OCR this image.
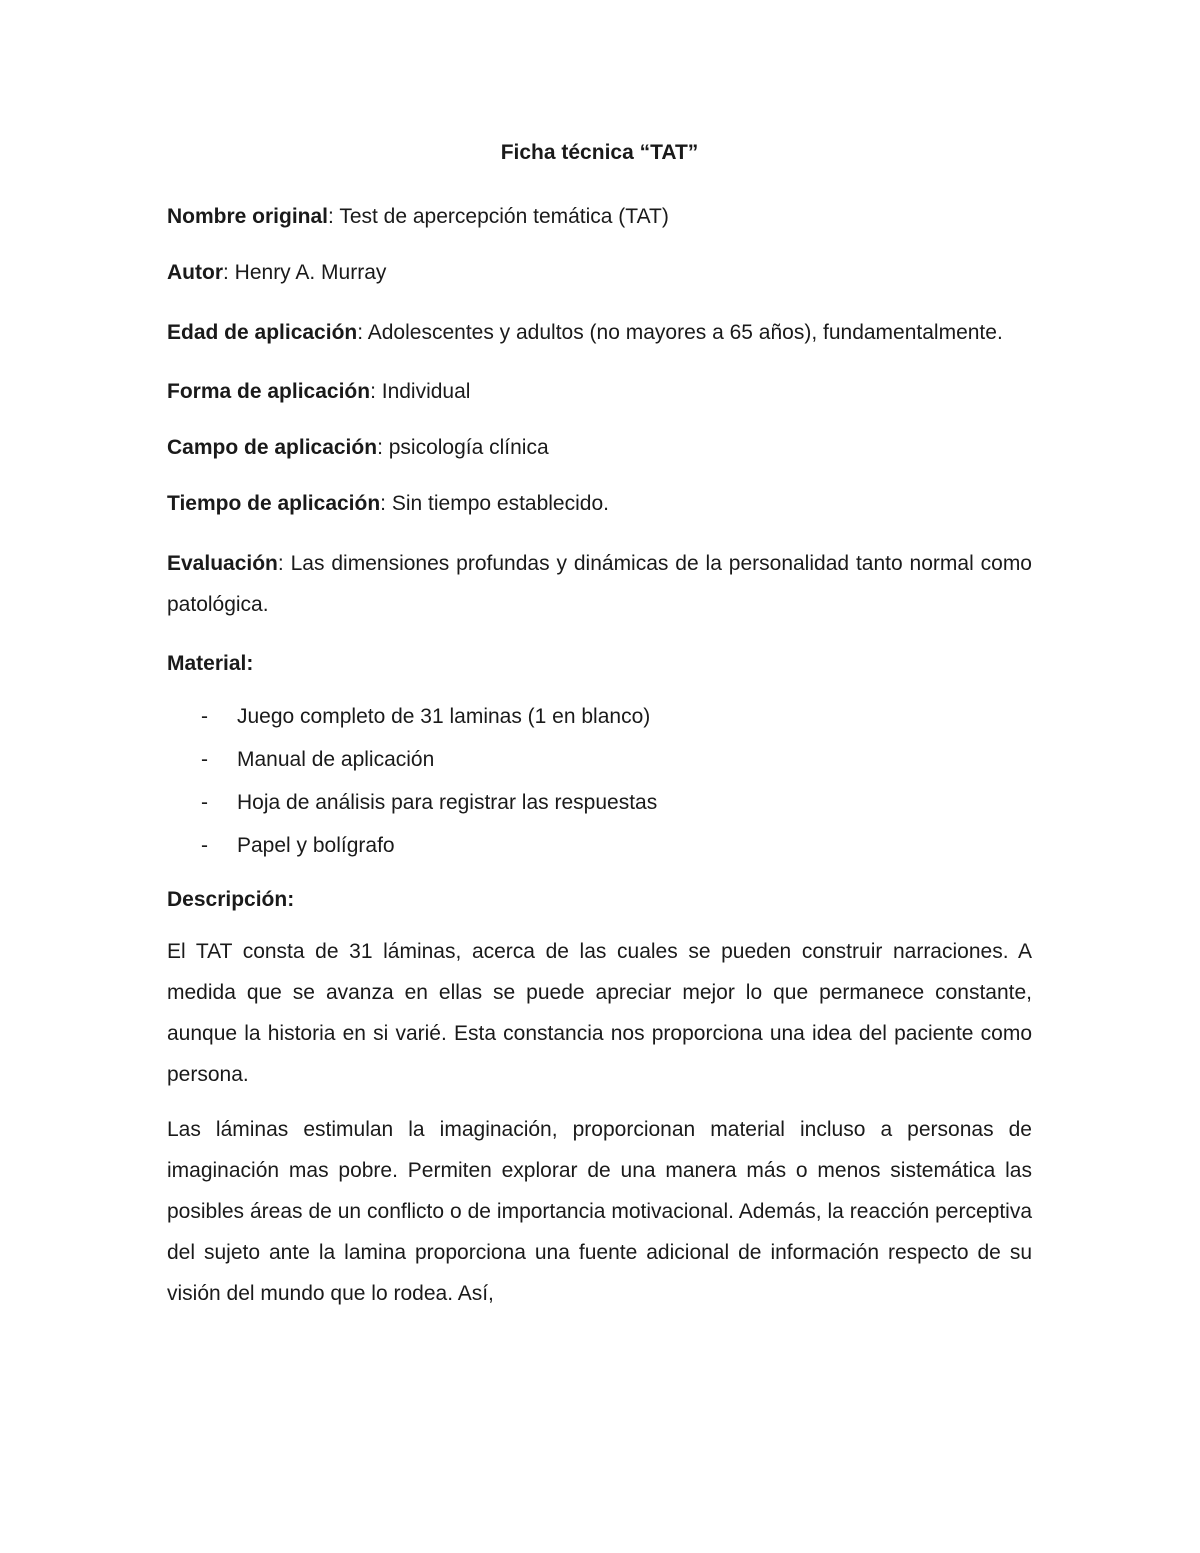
Ficha técnica “TAT”
Nombre original: Test de apercepción temática (TAT)
Autor: Henry A. Murray
Edad de aplicación: Adolescentes y adultos (no mayores a 65 años), fundamentalmente.
Forma de aplicación: Individual
Campo de aplicación: psicología clínica
Tiempo de aplicación: Sin tiempo establecido.
Evaluación: Las dimensiones profundas y dinámicas de la personalidad tanto normal como patológica.
Material:
- Juego completo de 31 laminas (1 en blanco)
- Manual de aplicación
- Hoja de análisis para registrar las respuestas
- Papel y bolígrafo
Descripción:

El TAT consta de 31 láminas, acerca de las cuales se pueden construir narraciones. A medida que se avanza en ellas se puede apreciar mejor lo que permanece constante, aunque la historia en si varié. Esta constancia nos proporciona una idea del paciente como persona.

Las láminas estimulan la imaginación, proporcionan material incluso a personas de imaginación mas pobre. Permiten explorar de una manera más o menos sistemática las posibles áreas de un conflicto o de importancia motivacional. Además, la reacción perceptiva del sujeto ante la lamina proporciona una fuente adicional de información respecto de su visión del mundo que lo rodea. Así,
